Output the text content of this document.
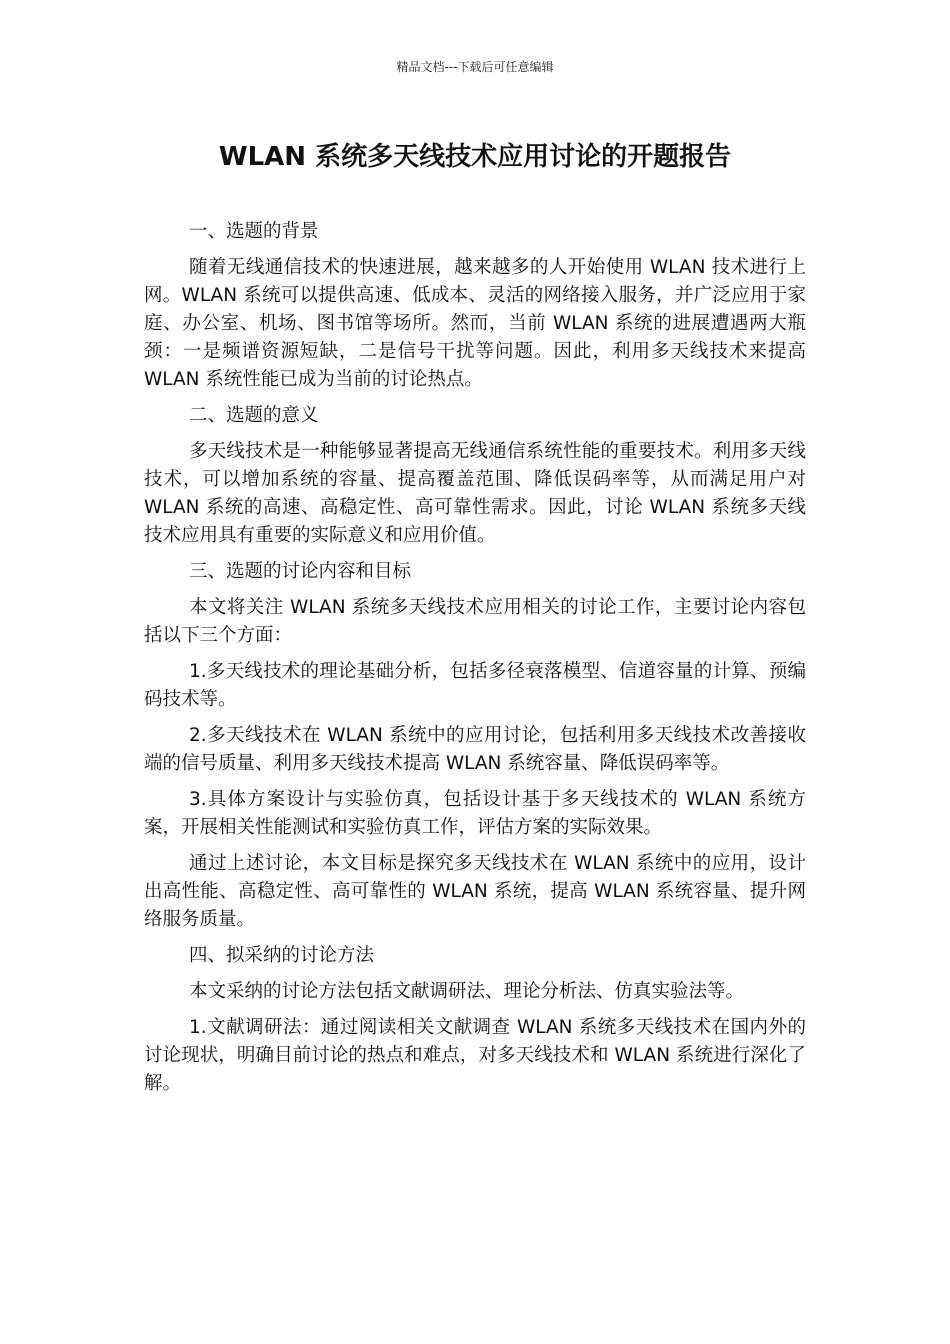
精品文档---下载后可任意编辑
WLAN 系统多天线技术应用讨论的开题报告

一、选题的背景

随着无线通信技术的快速进展，越来越多的人开始使用 WLAN 技术进行上网。WLAN 系统可以提供高速、低成本、灵活的网络接入服务，并广泛应用于家庭、办公室、机场、图书馆等场所。然而，当前 WLAN 系统的进展遭遇两大瓶颈：一是频谱资源短缺，二是信号干扰等问题。因此，利用多天线技术来提高 WLAN 系统性能已成为当前的讨论热点。

二、选题的意义

多天线技术是一种能够显著提高无线通信系统性能的重要技术。利用多天线技术，可以增加系统的容量、提高覆盖范围、降低误码率等，从而满足用户对 WLAN 系统的高速、高稳定性、高可靠性需求。因此，讨论 WLAN 系统多天线技术应用具有重要的实际意义和应用价值。

三、选题的讨论内容和目标

本文将关注 WLAN 系统多天线技术应用相关的讨论工作，主要讨论内容包括以下三个方面：

1.多天线技术的理论基础分析，包括多径衰落模型、信道容量的计算、预编码技术等。

2.多天线技术在 WLAN 系统中的应用讨论，包括利用多天线技术改善接收端的信号质量、利用多天线技术提高 WLAN 系统容量、降低误码率等。

3.具体方案设计与实验仿真，包括设计基于多天线技术的 WLAN 系统方案，开展相关性能测试和实验仿真工作，评估方案的实际效果。

通过上述讨论，本文目标是探究多天线技术在 WLAN 系统中的应用，设计出高性能、高稳定性、高可靠性的 WLAN 系统，提高 WLAN 系统容量、提升网络服务质量。

四、拟采纳的讨论方法

本文采纳的讨论方法包括文献调研法、理论分析法、仿真实验法等。

1.文献调研法：通过阅读相关文献调查 WLAN 系统多天线技术在国内外的讨论现状，明确目前讨论的热点和难点，对多天线技术和 WLAN 系统进行深化了解。
